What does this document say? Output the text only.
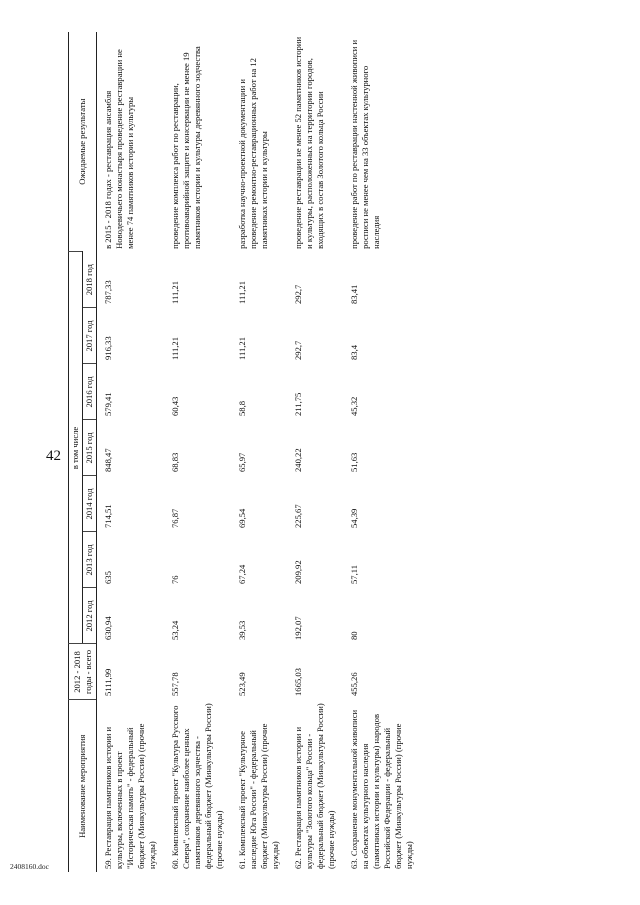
42
2408160.doc
Наименование мероприятия	2012 - 2018 годы - всего	в том числе							Ожидаемые результаты
		2012 год	2013 год	2014 год	2015 год	2016 год	2017 год	2018 год	
59. Реставрация памятников истории и культуры, включенных в проект "Историческая память" - федеральный бюджет (Минкультуры России) (прочие нужды)	5111,99	630,94	635	714,51	848,47	579,41	916,33	787,33	в 2015 - 2018 годах - реставрация ансамбля Новодевичьего монастыря проведение реставрации не менее 74 памятников истории и культуры
60. Комплексный проект "Культура Русского Севера", сохранение наиболее ценных памятников деревянного зодчества - федеральный бюджет (Минкультуры России) (прочие нужды)	557,78	53,24	76	76,87	68,83	60,43	111,21	111,21	проведение комплекса работ по реставрации, противоаварийной защите и консервации не менее 19 памятников истории и культуры деревянного зодчества
61. Комплексный проект "Культурное наследие Юга России" - федеральный бюджет (Минкультуры России) (прочие нужды)	523,49	39,53	67,24	69,54	65,97	58,8	111,21	111,21	разработка научно-проектной документации и проведение ремонтно-реставрационных работ на 12 памятниках истории и культуры
62. Реставрация памятников истории и культуры "Золотого кольца" России - федеральный бюджет (Минкультуры России) (прочие нужды)	1665,03	192,07	209,92	225,67	240,22	211,75	292,7	292,7	проведение реставрации не менее 52 памятников истории и культуры, расположенных на территории городов, входящих в состав Золотого кольца России
63. Сохранение монументальной живописи на объектах культурного наследия (памятниках истории и культуры) народов Российской Федерации - федеральный бюджет (Минкультуры России) (прочие нужды)	455,26	80	57,11	54,39	51,63	45,32	83,4	83,41	проведение работ по реставрации настенной живописи и росписи не менее чем на 33 объектах культурного наследия
